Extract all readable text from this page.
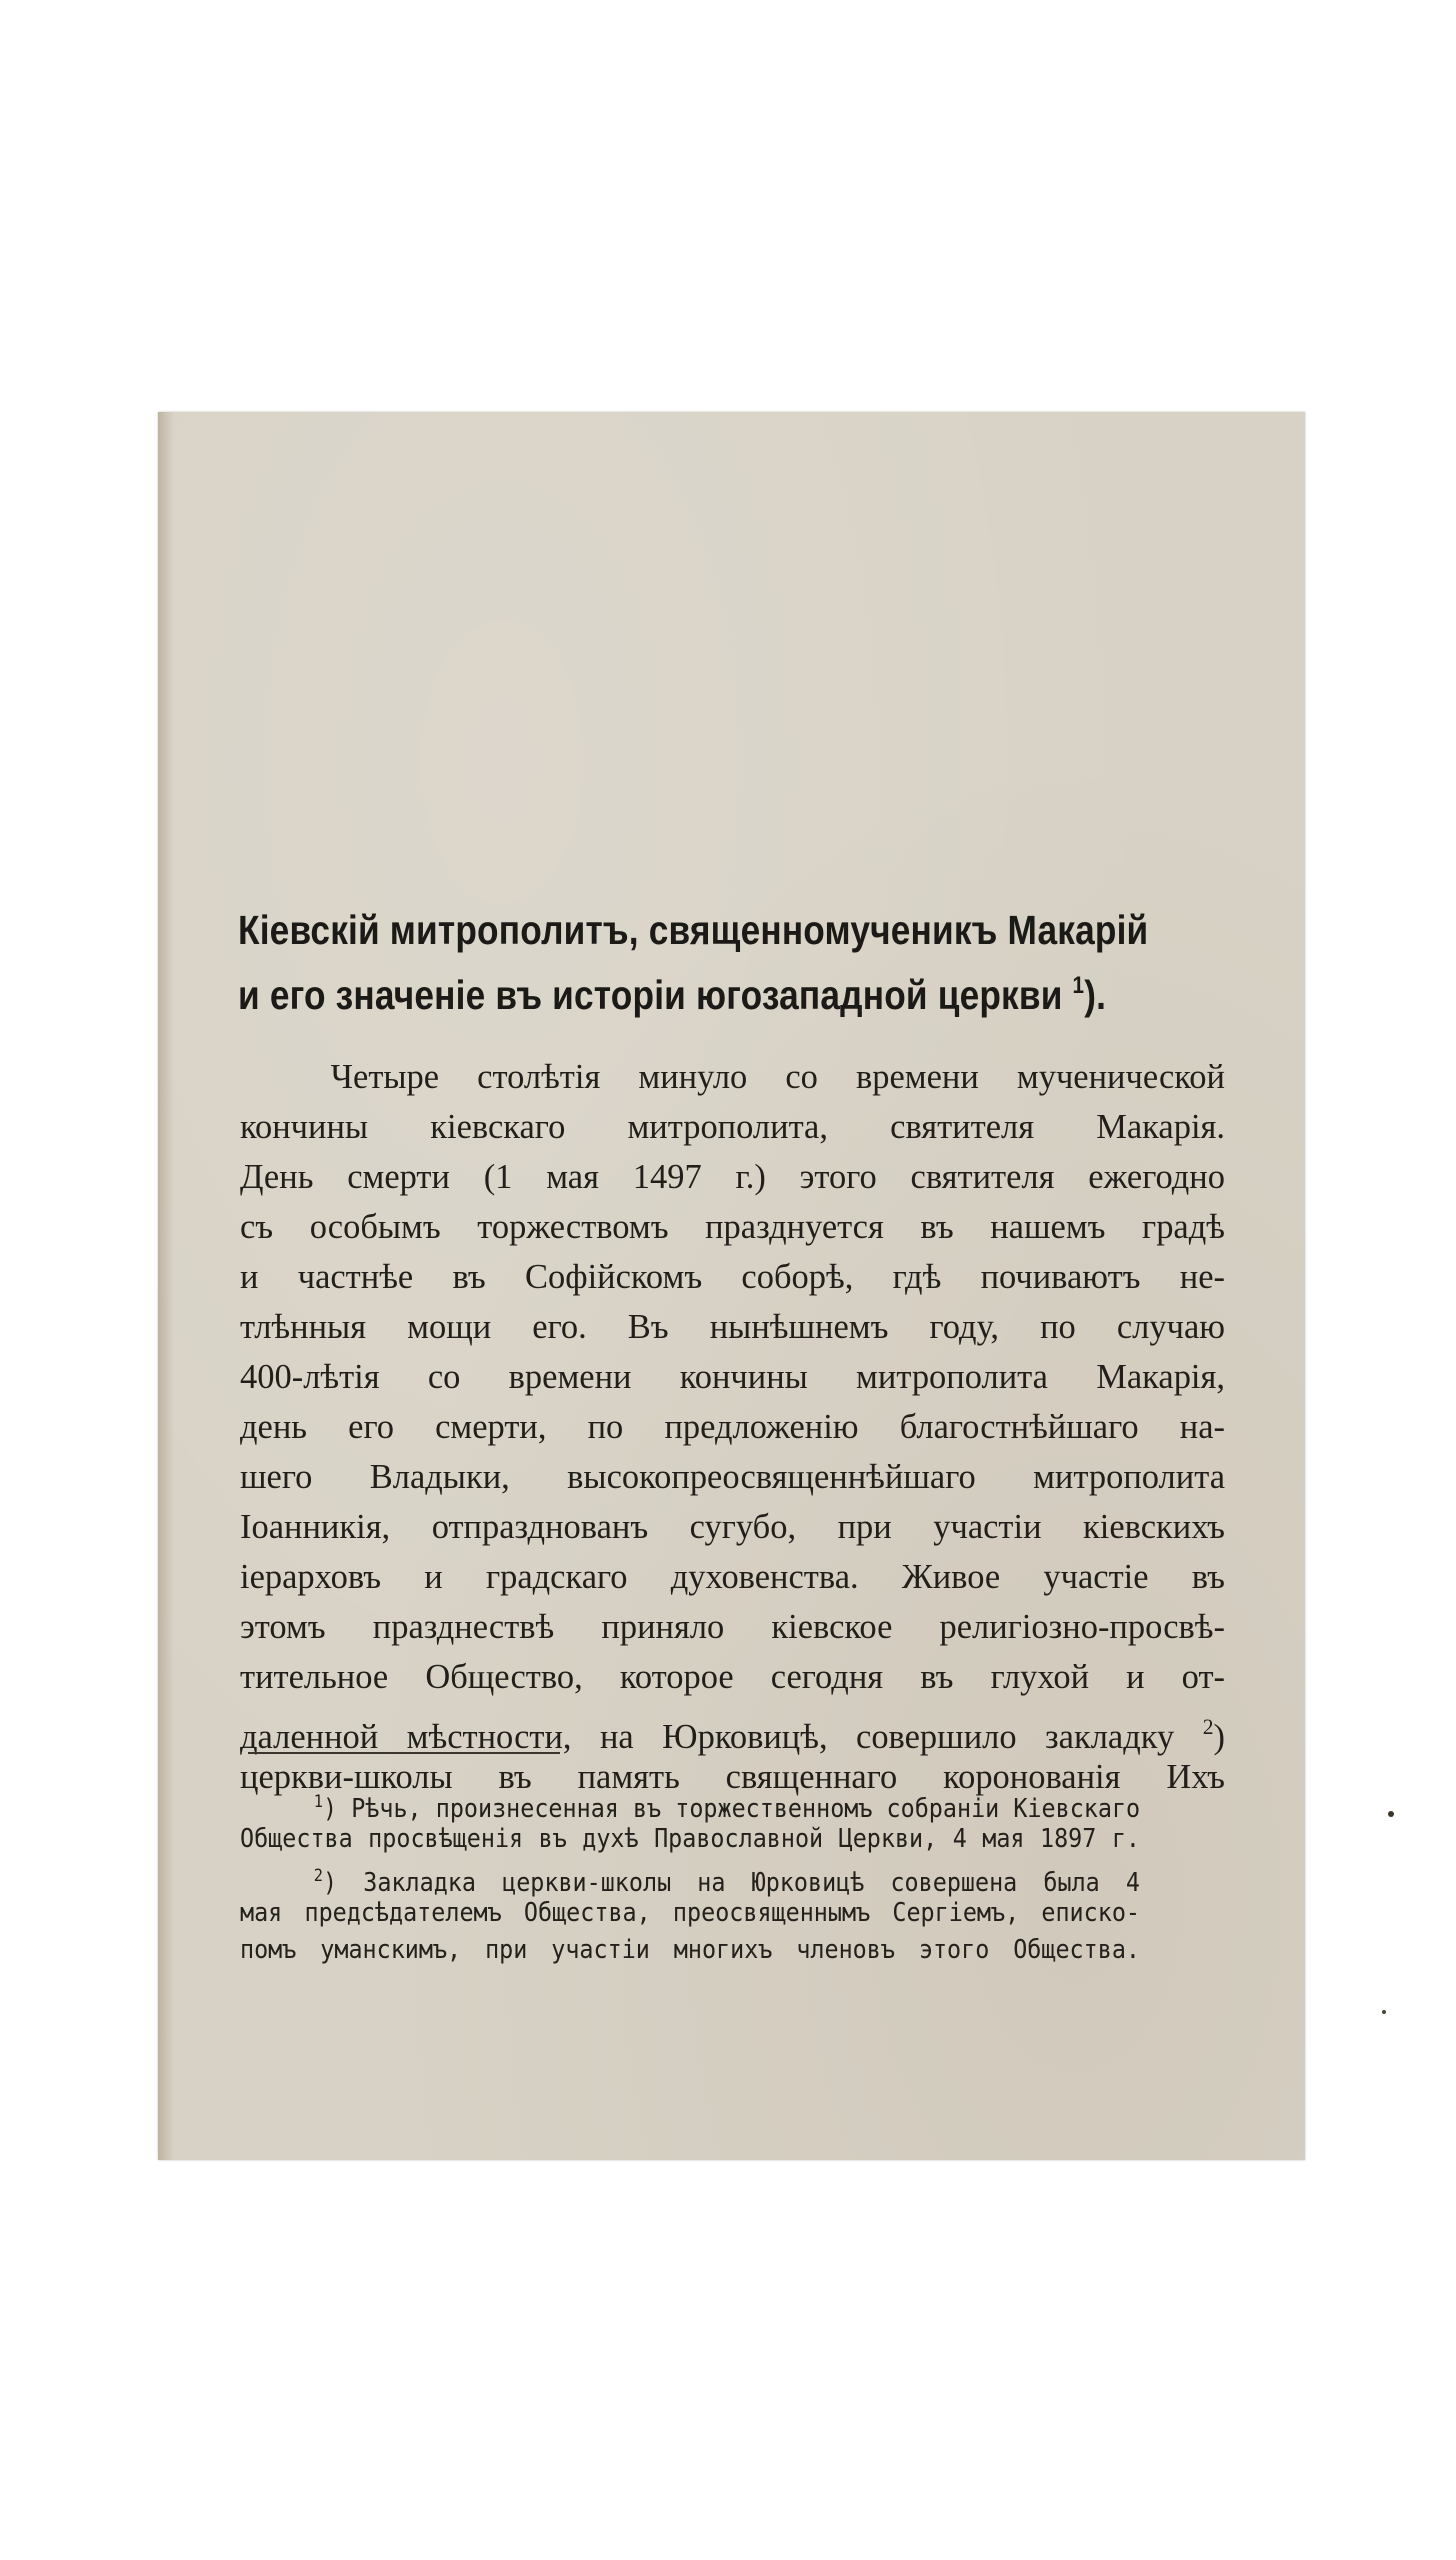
Кіевскій митрополитъ, священномученикъ Макарій
и его значеніе въ исторіи югозападной церкви $^1$).
Четыре столѣтія минуло со времени мученической
кончины кіевскаго митрополита, святителя Макарія.
День смерти (1 мая 1497 г.) этого святителя ежегодно
съ особымъ торжествомъ празднуется въ нашемъ градѣ
и частнѣе въ Софійскомъ соборѣ, гдѣ почиваютъ не-
тлѣнныя мощи его. Въ нынѣшнемъ году, по случаю
400-лѣтія со времени кончины митрополита Макарія,
день его смерти, по предложенію благостнѣйшаго на-
шего Владыки, высокопреосвященнѣйшаго митрополита
Іоанникія, отпразднованъ сугубо, при участіи кіевскихъ
іерарховъ и градскаго духовенства. Живое участіе въ
этомъ празднествѣ приняло кіевское религіозно-просвѣ-
тительное Общество, которое сегодня въ глухой и от-
даленной мѣстности, на Юрковицѣ, совершило закладку $^2$)
церкви-школы въ память священнаго коронованія Ихъ
$^1$) Рѣчь, произнесенная въ торжественномъ собраніи Кіевскаго
Общества просвѣщенія въ духѣ Православной Церкви, 4 мая 1897 г.
$^2$) Закладка церкви-школы на Юрковицѣ совершена была 4
мая предсѣдателемъ Общества, преосвященнымъ Сергіемъ, еписко-
помъ уманскимъ, при участіи многихъ членовъ этого Общества.
